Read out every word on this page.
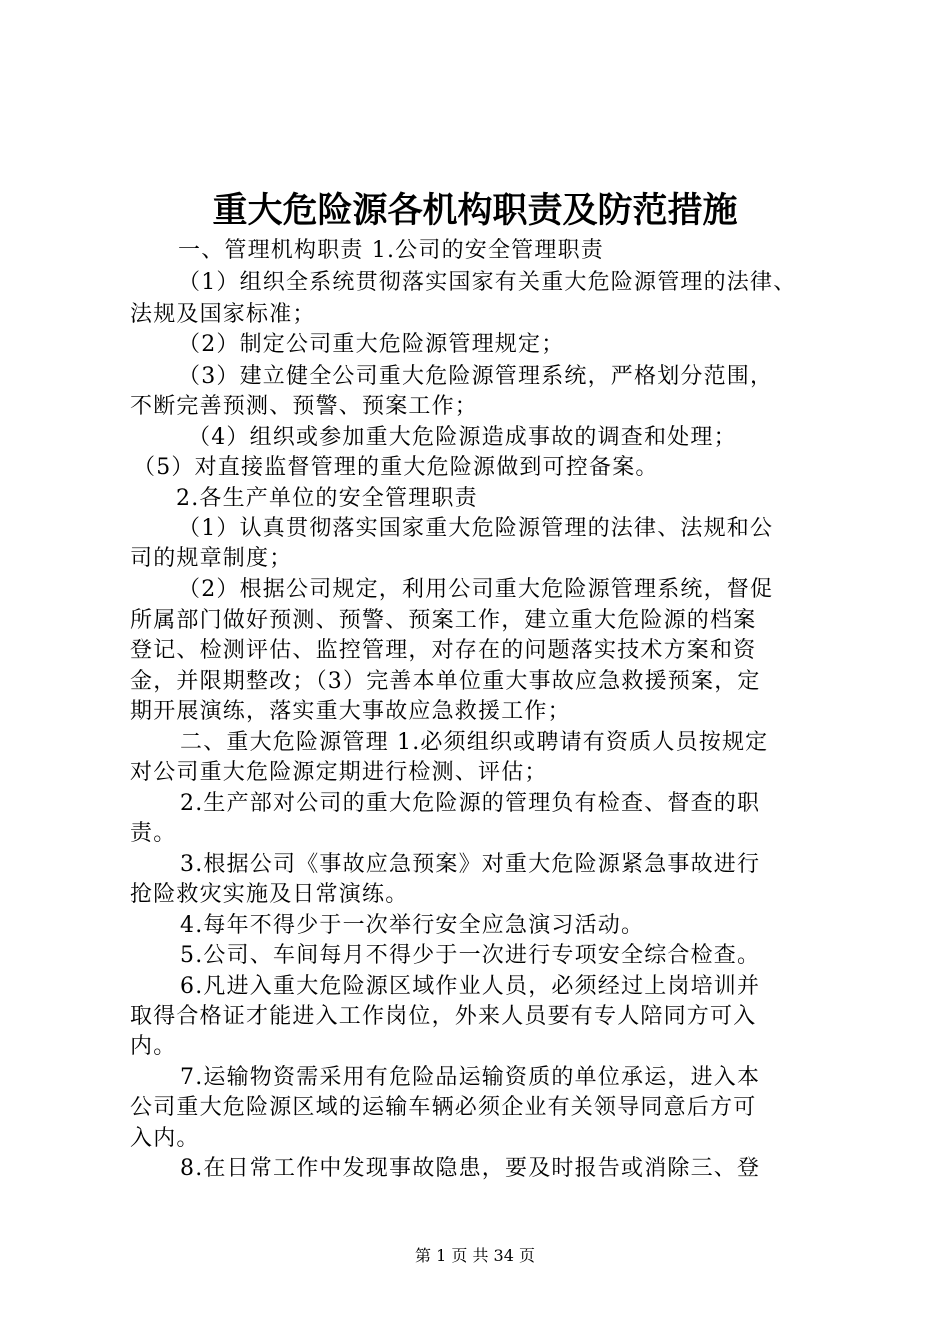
重大危险源各机构职责及防范措施
一、管理机构职责 1.公司的安全管理职责
（1）组织全系统贯彻落实国家有关重大危险源管理的法律、
法规及国家标准；
（2）制定公司重大危险源管理规定；
（3）建立健全公司重大危险源管理系统，严格划分范围，
不断完善预测、预警、预案工作；
（4）组织或参加重大危险源造成事故的调查和处理；
（5）对直接监督管理的重大危险源做到可控备案。
2.各生产单位的安全管理职责
（1）认真贯彻落实国家重大危险源管理的法律、法规和公
司的规章制度；
（2）根据公司规定，利用公司重大危险源管理系统，督促
所属部门做好预测、预警、预案工作，建立重大危险源的档案
登记、检测评估、监控管理，对存在的问题落实技术方案和资
金，并限期整改；（3）完善本单位重大事故应急救援预案，定
期开展演练，落实重大事故应急救援工作；
二、重大危险源管理 1.必须组织或聘请有资质人员按规定
对公司重大危险源定期进行检测、评估；
2.生产部对公司的重大危险源的管理负有检查、督查的职
责。
3.根据公司《事故应急预案》对重大危险源紧急事故进行
抢险救灾实施及日常演练。
4.每年不得少于一次举行安全应急演习活动。
5.公司、车间每月不得少于一次进行专项安全综合检查。
6.凡进入重大危险源区域作业人员，必须经过上岗培训并
取得合格证才能进入工作岗位，外来人员要有专人陪同方可入
内。
7.运输物资需采用有危险品运输资质的单位承运，进入本
公司重大危险源区域的运输车辆必须企业有关领导同意后方可
入内。
8.在日常工作中发现事故隐患，要及时报告或消除三、登
第 1 页 共 34 页
